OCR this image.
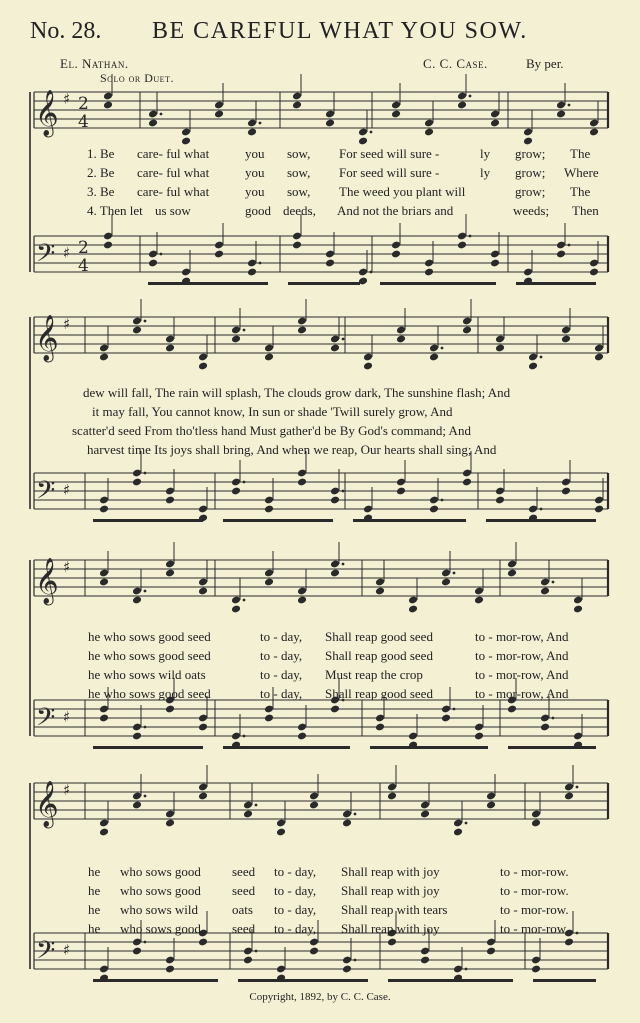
No. 28. BE CAREFUL WHAT YOU SOW.
El. Nathan.	C. C. Case.	By per.
Solo or Duet.
𝄞 ♯ 2
4
𝄢 ♯ 2
4
𝄞 ♯
𝄢 ♯
𝄞 ♯
𝄢 ♯
𝄞 ♯
𝄢 ♯
1. Be care- ful what	you sow, For seed will sure -	ly grow; The
2. Be care- ful what	you sow, For seed will sure -	ly grow; Where
3. Be care- ful what	you sow, The weed you plant will	grow; The
4. Then let us sow	good deeds, And not the briars and	weeds; Then
dew will fall, The rain will splash, The clouds grow dark, The sunshine flash; And
it may fall, You cannot know, In sun or shade 'Twill surely grow, And
scatter'd seed From tho'tless hand Must gather'd be By God's command; And
harvest time Its joys shall bring, And when we reap, Our hearts shall sing; And
he who sows good seed	to - day, Shall reap good seed	to - mor-row, And
he who sows good seed	to - day, Shall reap good seed	to - mor-row, And
he who sows wild oats	to - day, Must reap the crop	to - mor-row, And
he who sows good seed	to - day, Shall reap good seed	to - mor-row, And
he who sows good seed to - day, Shall reap with joy	to - mor-row.
he who sows good seed to - day, Shall reap with joy	to - mor-row.
he who sows wild	oats to - day, Shall reap with tears	to - mor-row.
he who sows good seed to - day, Shall reap with joy	to - mor-row.
Copyright, 1892, by C. C. Case.
